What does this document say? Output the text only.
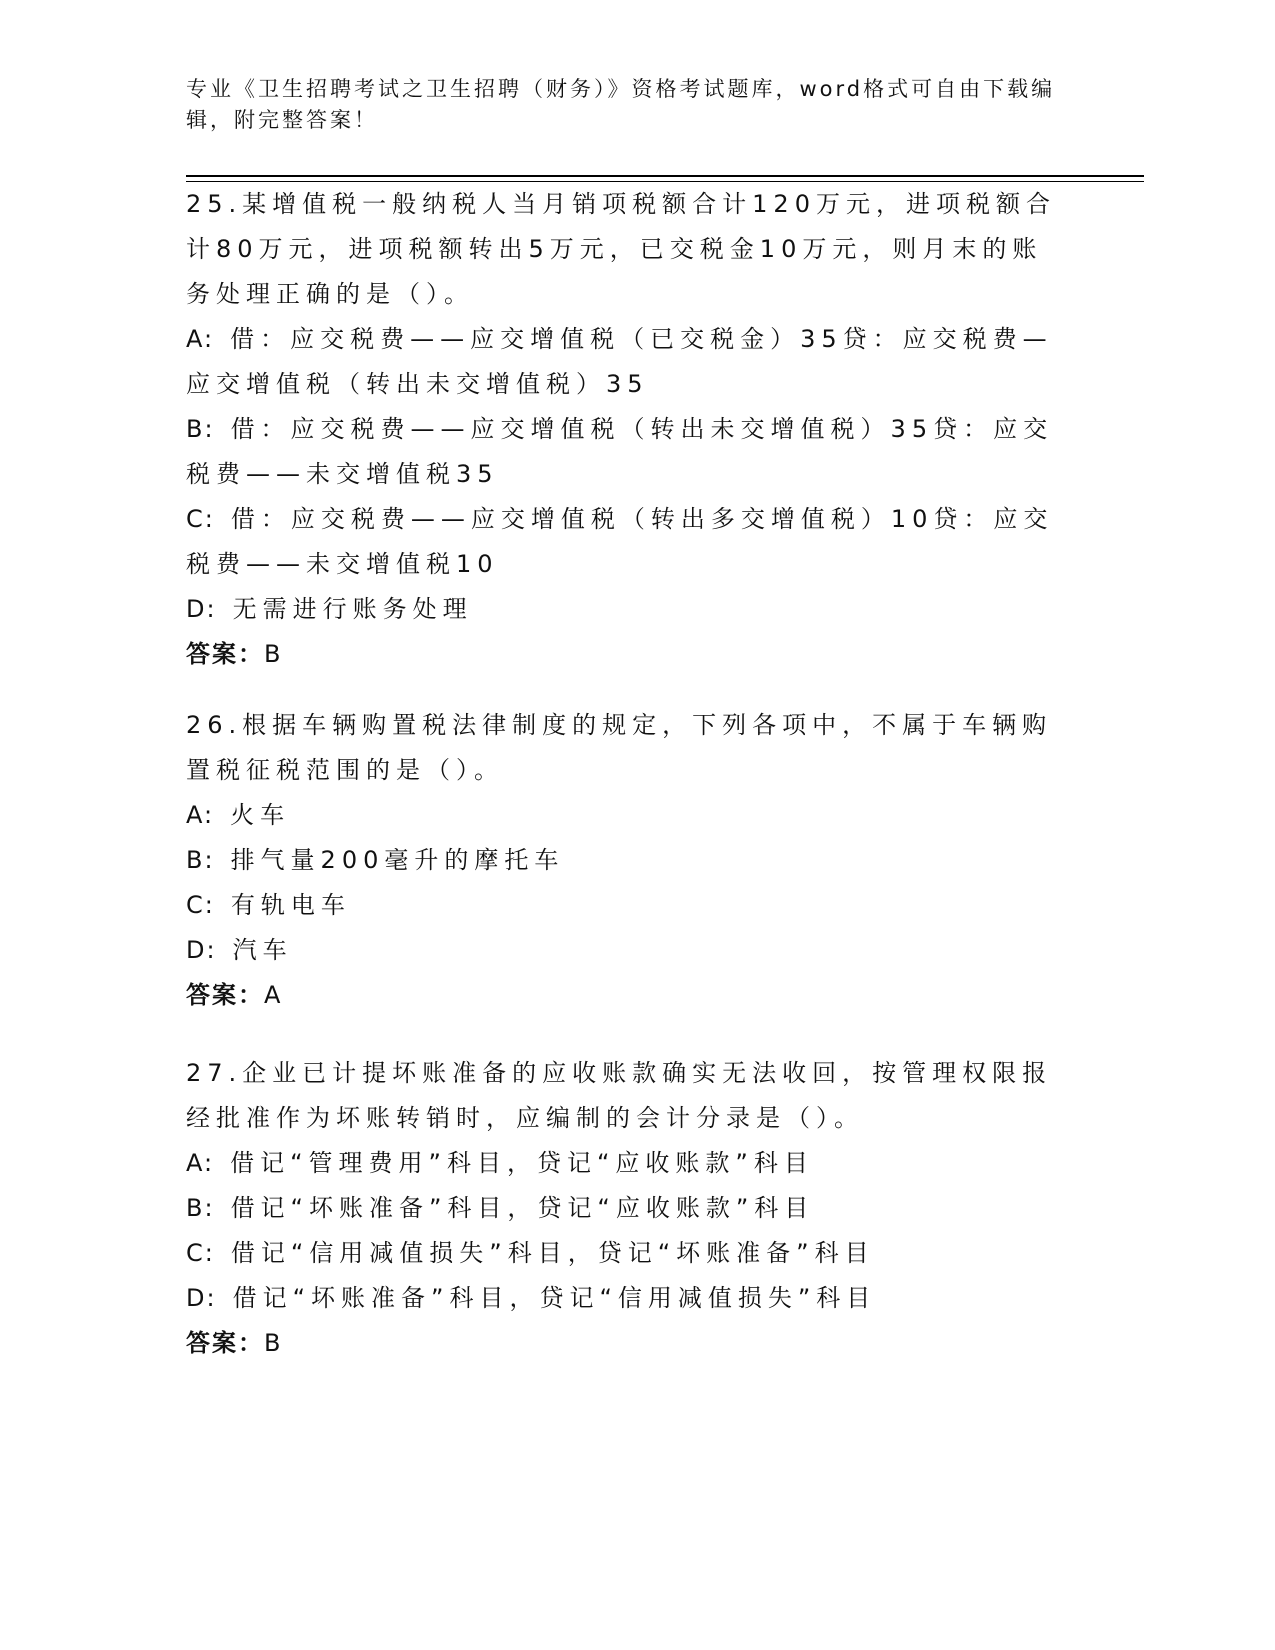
专业《卫生招聘考试之卫生招聘（财务）》资格考试题库，word格式可自由下载编辑，附完整答案！
25.某增值税一般纳税人当月销项税额合计120万元，进项税额合计80万元，进项税额转出5万元，已交税金10万元，则月末的账务处理正确的是（）。
A: 借：应交税费——应交增值税（已交税金）35贷：应交税费—应交增值税（转出未交增值税）35
B: 借：应交税费——应交增值税（转出未交增值税）35贷：应交税费——未交增值税35
C: 借：应交税费——应交增值税（转出多交增值税）10贷：应交税费——未交增值税10
D: 无需进行账务处理
答案：B
26.根据车辆购置税法律制度的规定，下列各项中，不属于车辆购置税征税范围的是（）。
A: 火车
B: 排气量200毫升的摩托车
C: 有轨电车
D: 汽车
答案：A
27.企业已计提坏账准备的应收账款确实无法收回，按管理权限报经批准作为坏账转销时，应编制的会计分录是（）。
A: 借记“管理费用”科目，贷记“应收账款”科目
B: 借记“坏账准备”科目，贷记“应收账款”科目
C: 借记“信用减值损失”科目，贷记“坏账准备”科目
D: 借记“坏账准备”科目，贷记“信用减值损失”科目
答案：B
